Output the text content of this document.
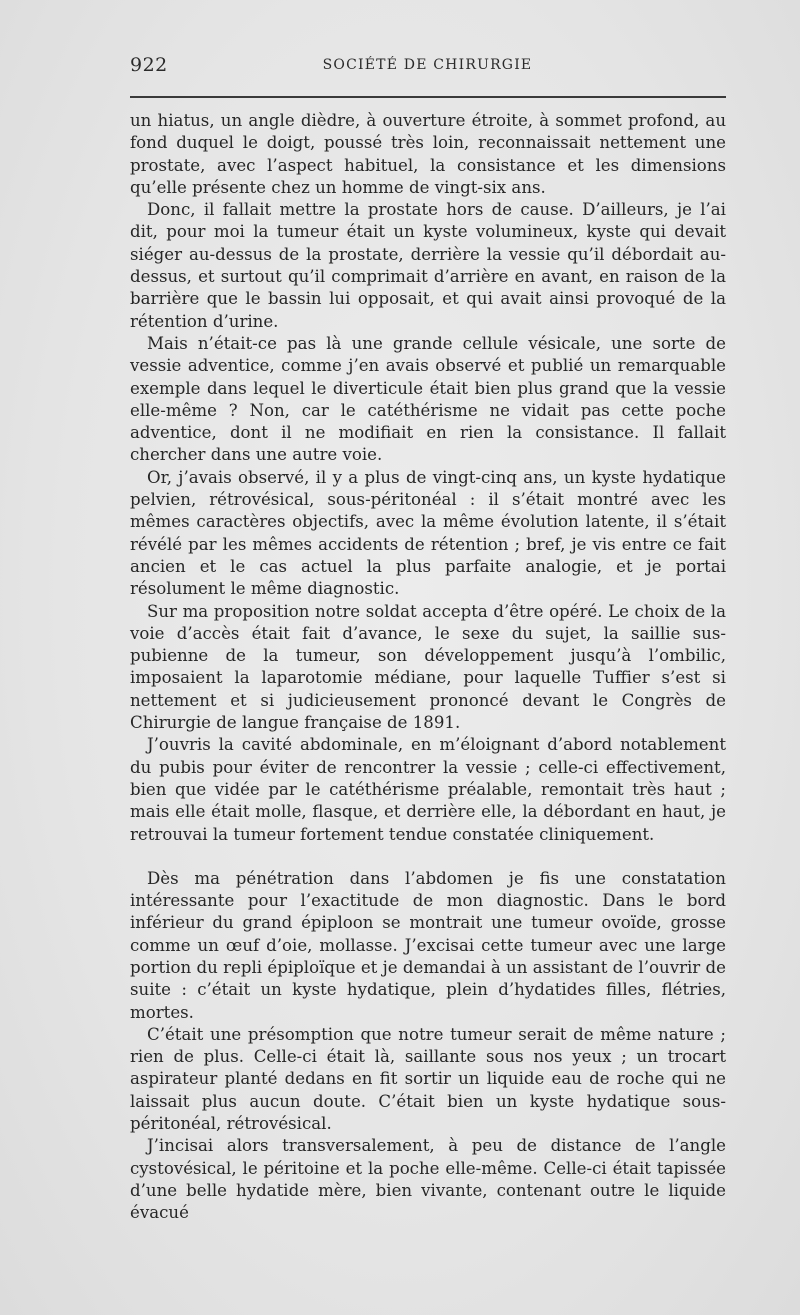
922	SOCIÉTÉ DE CHIRURGIE

un hiatus, un angle dièdre, à ouverture étroite, à sommet profond, au fond duquel le doigt, poussé très loin, reconnaissait nettement une prostate, avec l’aspect habituel, la consistance et les dimensions qu’elle présente chez un homme de vingt-six ans.

Donc, il fallait mettre la prostate hors de cause. D’ailleurs, je l’ai dit, pour moi la tumeur était un kyste volumineux, kyste qui devait siéger au-dessus de la prostate, derrière la vessie qu’il débordait au-dessus, et surtout qu’il comprimait d’arrière en avant, en raison de la barrière que le bassin lui opposait, et qui avait ainsi provoqué de la rétention d’urine.

Mais n’était-ce pas là une grande cellule vésicale, une sorte de vessie adventice, comme j’en avais observé et publié un remarquable exemple dans lequel le diverticule était bien plus grand que la vessie elle-même ? Non, car le catéthérisme ne vidait pas cette poche adventice, dont il ne modifiait en rien la consistance. Il fallait chercher dans une autre voie.

Or, j’avais observé, il y a plus de vingt-cinq ans, un kyste hydatique pelvien, rétrovésical, sous-péritonéal : il s’était montré avec les mêmes caractères objectifs, avec la même évolution latente, il s’était révélé par les mêmes accidents de rétention ; bref, je vis entre ce fait ancien et le cas actuel la plus parfaite analogie, et je portai résolument le même diagnostic.

Sur ma proposition notre soldat accepta d’être opéré. Le choix de la voie d’accès était fait d’avance, le sexe du sujet, la saillie sus-pubienne de la tumeur, son développement jusqu’à l’ombilic, imposaient la laparotomie médiane, pour laquelle Tuffier s’est si nettement et si judicieusement prononcé devant le Congrès de Chirurgie de langue française de 1891.

J’ouvris la cavité abdominale, en m’éloignant d’abord notablement du pubis pour éviter de rencontrer la vessie ; celle-ci effectivement, bien que vidée par le catéthérisme préalable, remontait très haut ; mais elle était molle, flasque, et derrière elle, la débordant en haut, je retrouvai la tumeur fortement tendue constatée cliniquement.

Dès ma pénétration dans l’abdomen je fis une constatation intéressante pour l’exactitude de mon diagnostic. Dans le bord inférieur du grand épiploon se montrait une tumeur ovoïde, grosse comme un œuf d’oie, mollasse. J’excisai cette tumeur avec une large portion du repli épiploïque et je demandai à un assistant de l’ouvrir de suite : c’était un kyste hydatique, plein d’hydatides filles, flétries, mortes.

C’était une présomption que notre tumeur serait de même nature ; rien de plus. Celle-ci était là, saillante sous nos yeux ; un trocart aspirateur planté dedans en fit sortir un liquide eau de roche qui ne laissait plus aucun doute. C’était bien un kyste hydatique sous-péritonéal, rétrovésical.

J’incisai alors transversalement, à peu de distance de l’angle cystovésical, le péritoine et la poche elle-même. Celle-ci était tapissée d’une belle hydatide mère, bien vivante, contenant outre le liquide évacué
